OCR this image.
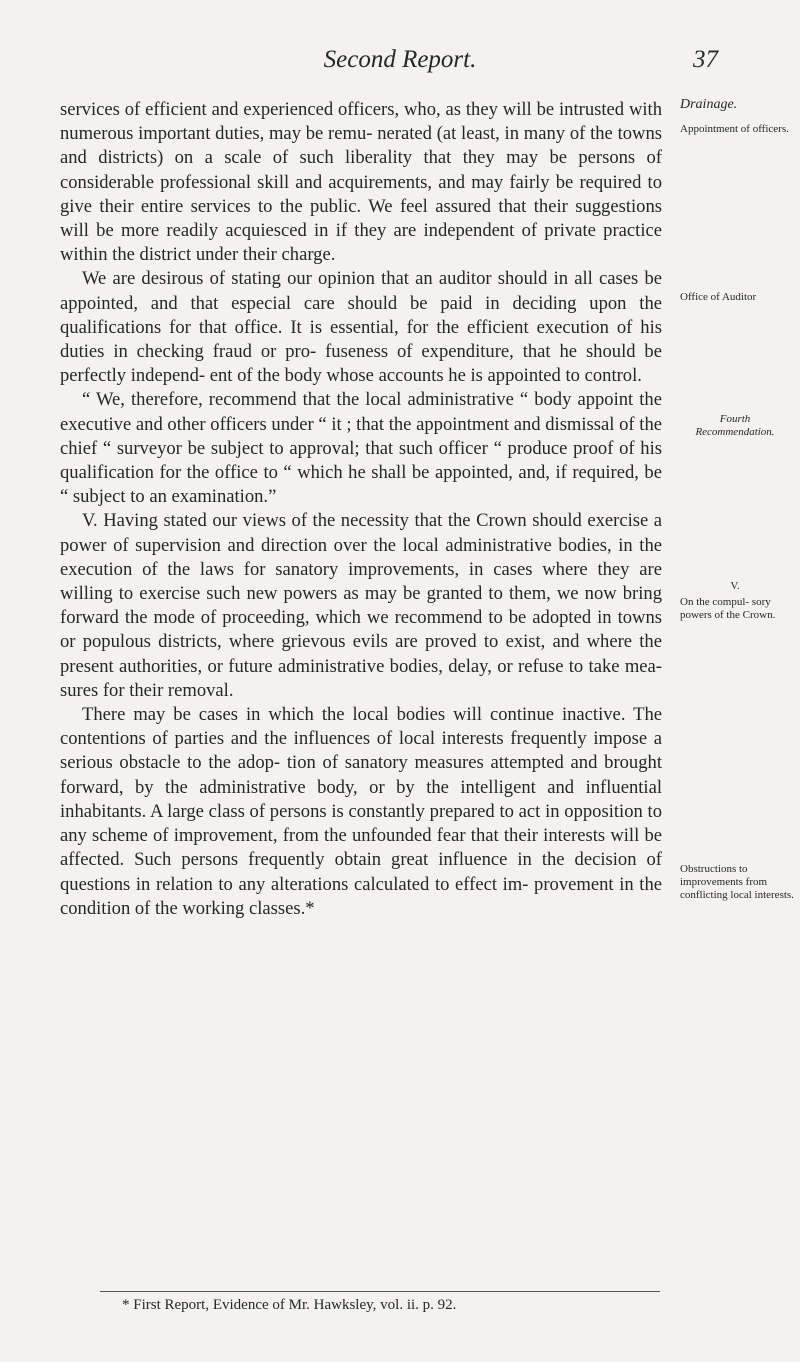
Second Report.	37

services of efficient and experienced officers, who, as they will be intrusted with numerous important duties, may be remu- nerated (at least, in many of the towns and districts) on a scale of such liberality that they may be persons of considerable professional skill and acquirements, and may fairly be required to give their entire services to the public. We feel assured that their suggestions will be more readily acquiesced in if they are independent of private practice within the district under their charge.

We are desirous of stating our opinion that an auditor should in all cases be appointed, and that especial care should be paid in deciding upon the qualifications for that office. It is essential, for the efficient execution of his duties in checking fraud or pro- fuseness of expenditure, that he should be perfectly independ- ent of the body whose accounts he is appointed to control.

“ We, therefore, recommend that the local administrative “ body appoint the executive and other officers under “ it ; that the appointment and dismissal of the chief “ surveyor be subject to approval; that such officer “ produce proof of his qualification for the office to “ which he shall be appointed, and, if required, be “ subject to an examination.”

V. Having stated our views of the necessity that the Crown should exercise a power of supervision and direction over the local administrative bodies, in the execution of the laws for sanatory improvements, in cases where they are willing to exercise such new powers as may be granted to them, we now bring forward the mode of proceeding, which we recommend to be adopted in towns or populous districts, where grievous evils are proved to exist, and where the present authorities, or future administrative bodies, delay, or refuse to take mea- sures for their removal.

There may be cases in which the local bodies will continue inactive. The contentions of parties and the influences of local interests frequently impose a serious obstacle to the adop- tion of sanatory measures attempted and brought forward, by the administrative body, or by the intelligent and influential inhabitants. A large class of persons is constantly prepared to act in opposition to any scheme of improvement, from the unfounded fear that their interests will be affected. Such persons frequently obtain great influence in the decision of questions in relation to any alterations calculated to effect im- provement in the condition of the working classes.*

Drainage.
Appointment of officers.
Office of Auditor
Fourth Recommendation.
V.
On the compul- sory powers of the Crown.
Obstructions to improvements from conflicting local interests.
* First Report, Evidence of Mr. Hawksley, vol. ii. p. 92.
